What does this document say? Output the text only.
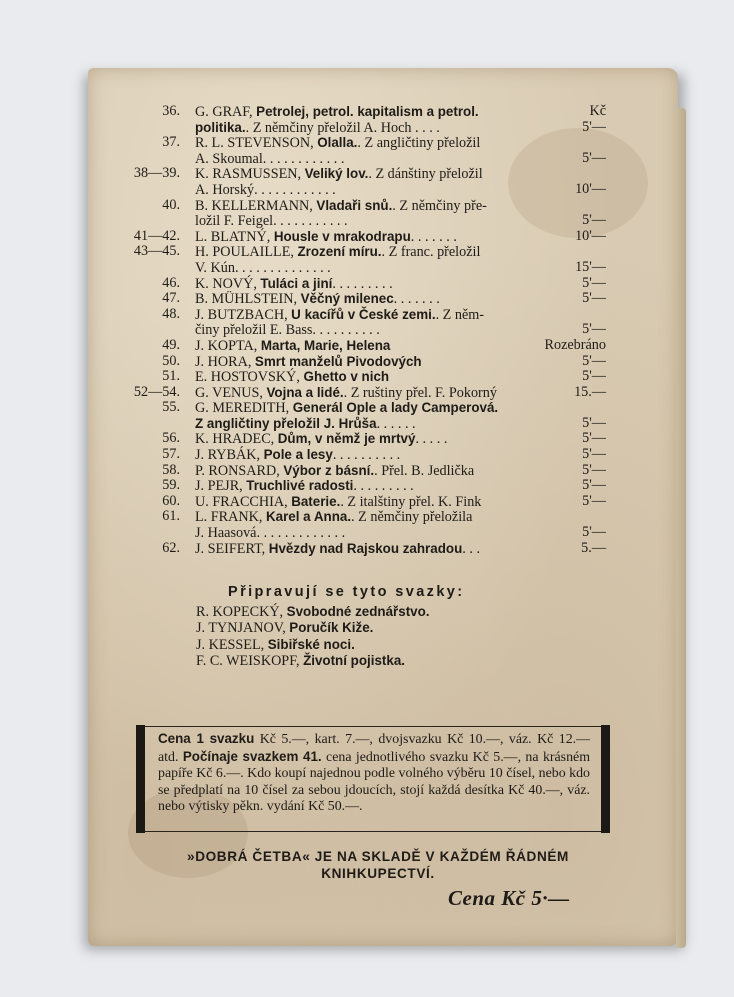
36. G. GRAF, Petrolej, petrol. kapitalism a petrol.	Kč
politika.. Z němčiny přeložil A. Hoch . . . .	5'—
37. R. L. STEVENSON, Olalla.. Z angličtiny přeložil
A. Skoumal. . . . . . . . . . . .	5'—
38—39. K. RASMUSSEN, Veliký lov.. Z dánštiny přeložil
A. Horský. . . . . . . . . . . .	10'—
40. B. KELLERMANN, Vladaři snů.. Z němčiny pře-
ložil F. Feigel. . . . . . . . . . .	5'—
41—42. L. BLATNÝ, Housle v mrakodrapu. . . . . . .	10'—
43—45. H. POULAILLE, Zrození míru.. Z franc. přeložil
V. Kún. . . . . . . . . . . . . .	15'—
46. K. NOVÝ, Tuláci a jiní. . . . . . . . .	5'—
47. B. MÜHLSTEIN, Věčný milenec. . . . . . .	5'—
48. J. BUTZBACH, U kacířů v České zemi.. Z něm-
činy přeložil E. Bass. . . . . . . . . .	5'—
49. J. KOPTA, Marta, Marie, Helena	Rozebráno
50. J. HORA, Smrt manželů Pivodových	5'—
51. E. HOSTOVSKÝ, Ghetto v nich	5'—
52—54. G. VENUS, Vojna a lidé.. Z ruštiny přel. F. Pokorný	15.—
55. G. MEREDITH, Generál Ople a lady Camperová.
Z angličtiny přeložil J. Hrůša. . . . . .	5'—
56. K. HRADEC, Dům, v němž je mrtvý. . . . .	5'—
57. J. RYBÁK, Pole a lesy. . . . . . . . . .	5'—
58. P. RONSARD, Výbor z básní.. Přel. B. Jedlička	5'—
59. J. PEJR, Truchlivé radosti. . . . . . . . .	5'—
60. U. FRACCHIA, Baterie.. Z italštiny přel. K. Fink	5'—
61. L. FRANK, Karel a Anna.. Z němčiny přeložila
J. Haasová. . . . . . . . . . . . .	5'—
62. J. SEIFERT, Hvězdy nad Rajskou zahradou. . .	5.—
Připravují se tyto svazky:
R. KOPECKÝ, Svobodné zednářstvo.
J. TYNJANOV, Poručík Kiže.
J. KESSEL, Sibiřské noci.
F. C. WEISKOPF, Životní pojistka.
Cena 1 svazku Kč 5.—, kart. 7.—, dvojsvazku Kč 10.—, váz. Kč 12.— atd. Počínaje svazkem 41. cena jednotlivého svazku Kč 5.—, na krásném papíře Kč 6.—. Kdo koupí najednou podle volného výběru 10 čísel, nebo kdo se předplatí na 10 čísel za sebou jdoucích, stojí každá desítka Kč 40.—, váz. nebo výtisky pěkn. vydání Kč 50.—.
»DOBRÁ ČETBA« JE NA SKLADĚ V KAŽDÉM ŘÁDNÉM
KNIHKUPECTVÍ.
Cena Kč 5·—
